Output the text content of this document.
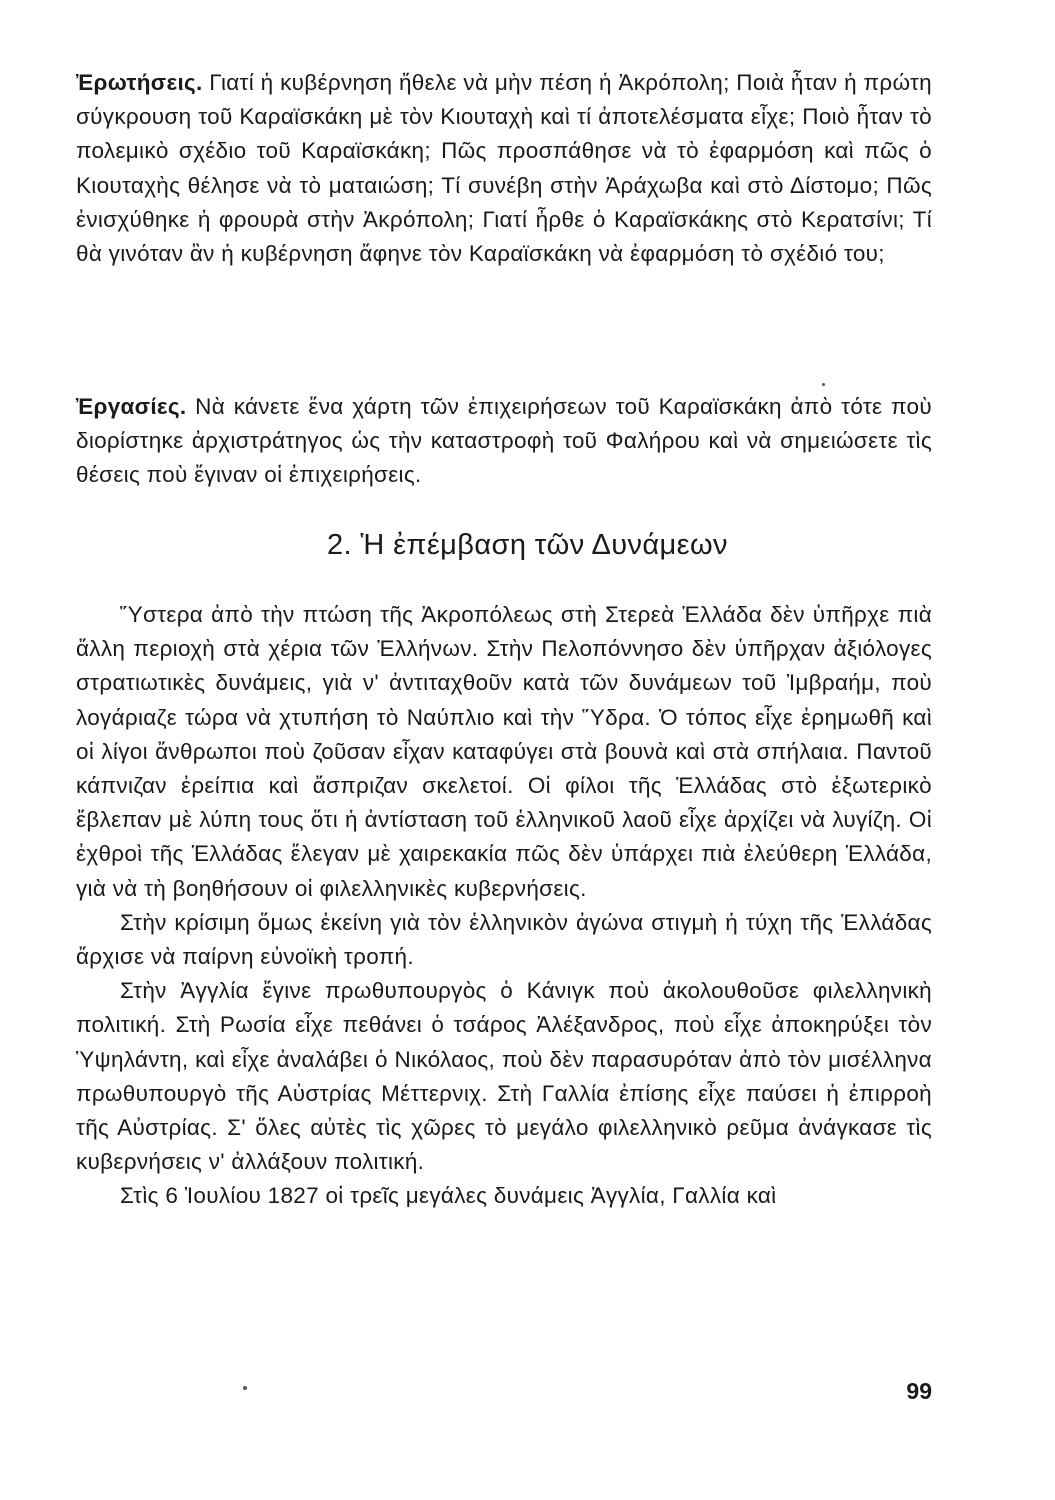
Ἐρωτήσεις. Γιατί ἡ κυβέρνηση ἤθελε νὰ μὴν πέση ἡ Ἀκρόπολη; Ποιὰ ἦταν ἡ πρώτη σύγκρουση τοῦ Καραϊσκάκη μὲ τὸν Κιουταχὴ καὶ τί ἀποτελέσματα εἶχε; Ποιὸ ἦταν τὸ πολεμικὸ σχέδιο τοῦ Καραϊσκάκη; Πῶς προσπάθησε νὰ τὸ ἐφαρμόση καὶ πῶς ὁ Κιουταχὴς θέλησε νὰ τὸ ματαιώση; Τί συνέβη στὴν Ἀράχωβα καὶ στὸ Δίστομο; Πῶς ἐνισχύθηκε ἡ φρουρὰ στὴν Ἀκρόπολη; Γιατί ἦρθε ὁ Καραϊσκάκης στὸ Κερατσίνι; Τί θὰ γινόταν ἂν ἡ κυβέρνηση ἄφηνε τὸν Καραϊσκάκη νὰ ἐφαρμόση τὸ σχέδιό του;

Ἐργασίες. Νὰ κάνετε ἕνα χάρτη τῶν ἐπιχειρήσεων τοῦ Καραϊσκάκη ἀπὸ τότε ποὺ διορίστηκε ἀρχιστράτηγος ὡς τὴν καταστροφὴ τοῦ Φαλήρου καὶ νὰ σημειώσετε τὶς θέσεις ποὺ ἔγιναν οἱ ἐπιχειρήσεις.

2. Ἡ ἐπέμβαση τῶν Δυνάμεων

Ὕστερα ἀπὸ τὴν πτώση τῆς Ἀκροπόλεως στὴ Στερεὰ Ἑλλάδα δὲν ὑπῆρχε πιὰ ἄλλη περιοχὴ στὰ χέρια τῶν Ἑλλήνων. Στὴν Πελοπόννησο δὲν ὑπῆρχαν ἀξιόλογες στρατιωτικὲς δυνάμεις, γιὰ ν' ἀντιταχθοῦν κατὰ τῶν δυνάμεων τοῦ Ἰμβραήμ, ποὺ λογάριαζε τώρα νὰ χτυπήση τὸ Ναύπλιο καὶ τὴν Ὕδρα. Ὁ τόπος εἶχε ἐρημωθῆ καὶ οἱ λίγοι ἄνθρωποι ποὺ ζοῦσαν εἶχαν καταφύγει στὰ βουνὰ καὶ στὰ σπήλαια. Παντοῦ κάπνιζαν ἐρείπια καὶ ἄσπριζαν σκελετοί. Οἱ φίλοι τῆς Ἑλλάδας στὸ ἐξωτερικὸ ἔβλεπαν μὲ λύπη τους ὅτι ἡ ἀντίσταση τοῦ ἑλληνικοῦ λαοῦ εἶχε ἀρχίζει νὰ λυγίζη. Οἱ ἐχθροὶ τῆς Ἑλλάδας ἔλεγαν μὲ χαιρεκακία πῶς δὲν ὑπάρχει πιὰ ἐλεύθερη Ἑλλάδα, γιὰ νὰ τὴ βοηθήσουν οἱ φιλελληνικὲς κυβερνήσεις.

Στὴν κρίσιμη ὅμως ἐκείνη γιὰ τὸν ἑλληνικὸν ἀγώνα στιγμὴ ἡ τύχη τῆς Ἑλλάδας ἄρχισε νὰ παίρνη εὐνοϊκὴ τροπή.

Στὴν Ἀγγλία ἔγινε πρωθυπουργὸς ὁ Κάνιγκ ποὺ ἀκολουθοῦσε φιλελληνικὴ πολιτική. Στὴ Ρωσία εἶχε πεθάνει ὁ τσάρος Ἀλέξανδρος, ποὺ εἶχε ἀποκηρύξει τὸν Ὑψηλάντη, καὶ εἶχε ἀναλάβει ὁ Νικόλαος, ποὺ δὲν παρασυρόταν ἀπὸ τὸν μισέλληνα πρωθυπουργὸ τῆς Αὐστρίας Μέττερνιχ. Στὴ Γαλλία ἐπίσης εἶχε παύσει ἡ ἐπιρροὴ τῆς Αὐστρίας. Σ' ὅλες αὐτὲς τὶς χῶρες τὸ μεγάλο φιλελληνικὸ ρεῦμα ἀνάγκασε τὶς κυβερνήσεις ν' ἀλλάξουν πολιτική.

Στὶς 6 Ἰουλίου 1827 οἱ τρεῖς μεγάλες δυνάμεις Ἀγγλία, Γαλλία καὶ

99
